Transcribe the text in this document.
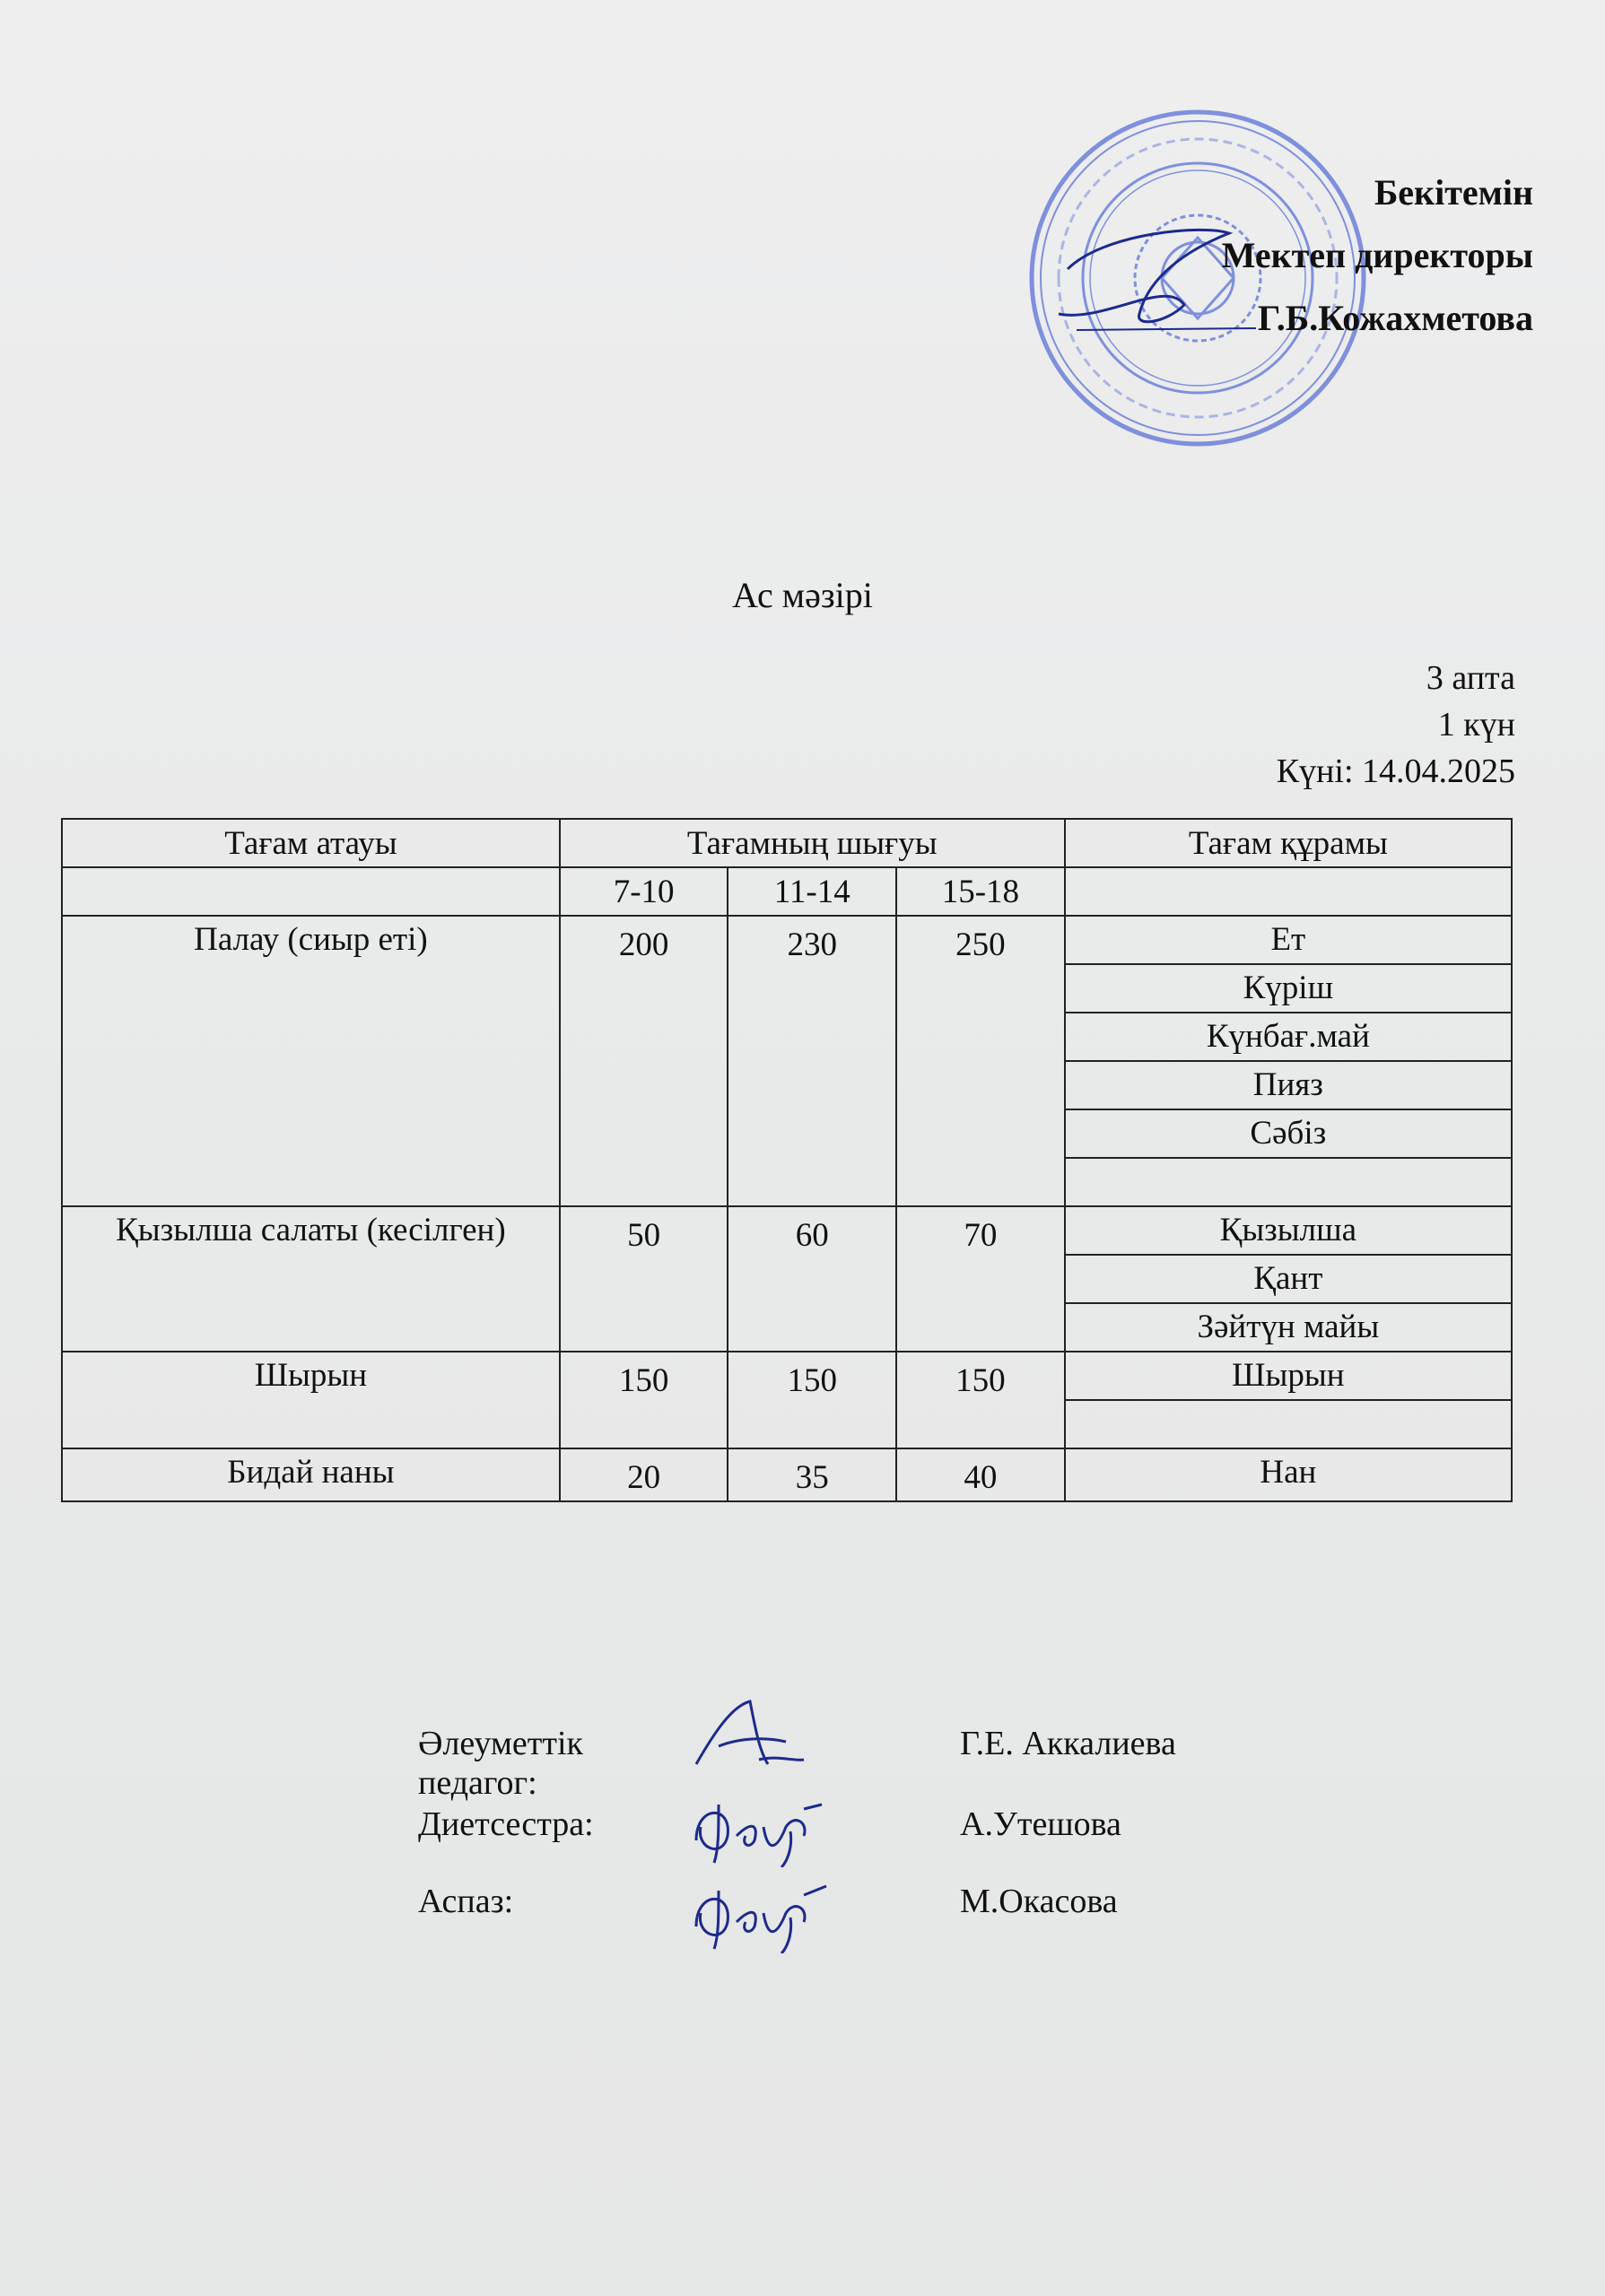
Бекітемін
Мектеп директоры
Г.Б.Кожахметова
Ас мәзірі
3 апта
1 күн
Күні: 14.04.2025
Тағам атауы	Тағамның шығуы			Тағам құрамы
	7-10	11-14	15-18	
Палау (сиыр еті)	200	230	250	Ет
Күріш
Күнбағ.май
Пияз
Сәбіз

Қызылша салаты (кесілген)	50	60	70	Қызылша
Қант
Зәйтүн майы

Шырын	150	150	150	Шырын

Бидай наны	20	35	40	Нан
Әлеуметтік педагог:
Г.Е. Аккалиева
Диетсестра:	А.Утешова
Аспаз:	М.Окасова
